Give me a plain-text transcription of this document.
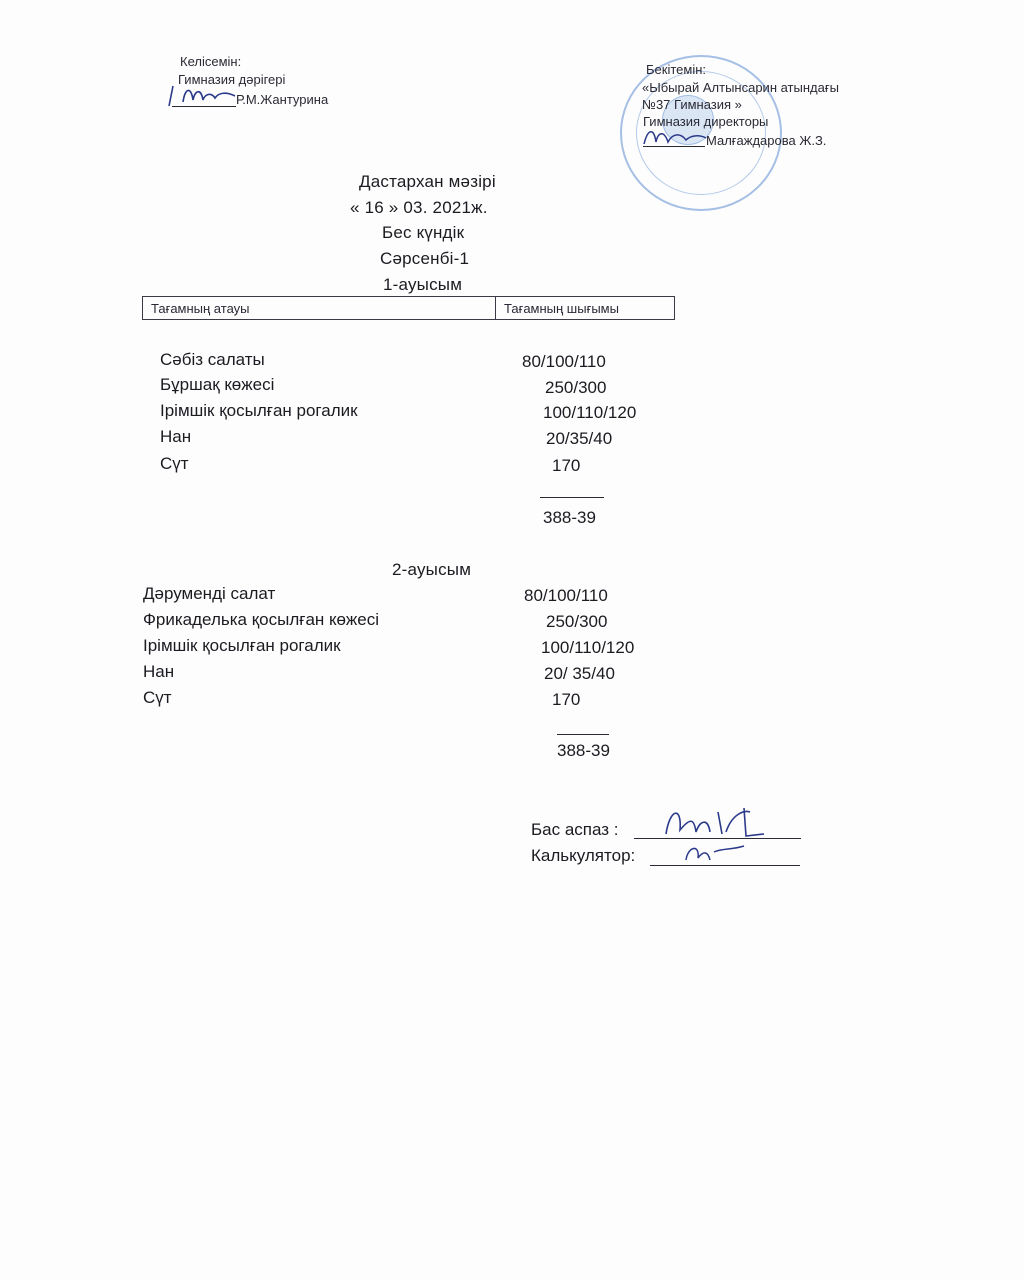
Келісемін:
Гимназия дәрігері
Р.М.Жантурина
Бекітемін:
«Ыбырай Алтынсарин атындағы
№37 Гимназия »
Гимназия директоры
Малғаждарова Ж.З.
Дастархан мәзірі
« 16 » 03. 2021ж.
Бес күндік
Сәрсенбі-1
1-ауысым
Тағамның атауы	Тағамның шығымы
Сәбіз салаты	80/100/110
Бұршақ көжесі	250/300
Ірімшік қосылған рогалик	100/110/120
Нан	20/35/40
Сүт	170
388-39
2-ауысым
Дәруменді салат	80/100/110
Фрикаделька қосылған көжесі	250/300
Ірімшік қосылған рогалик	100/110/120
Нан	20/ 35/40
Сүт	170
388-39
Бас аспаз :
Калькулятор:
